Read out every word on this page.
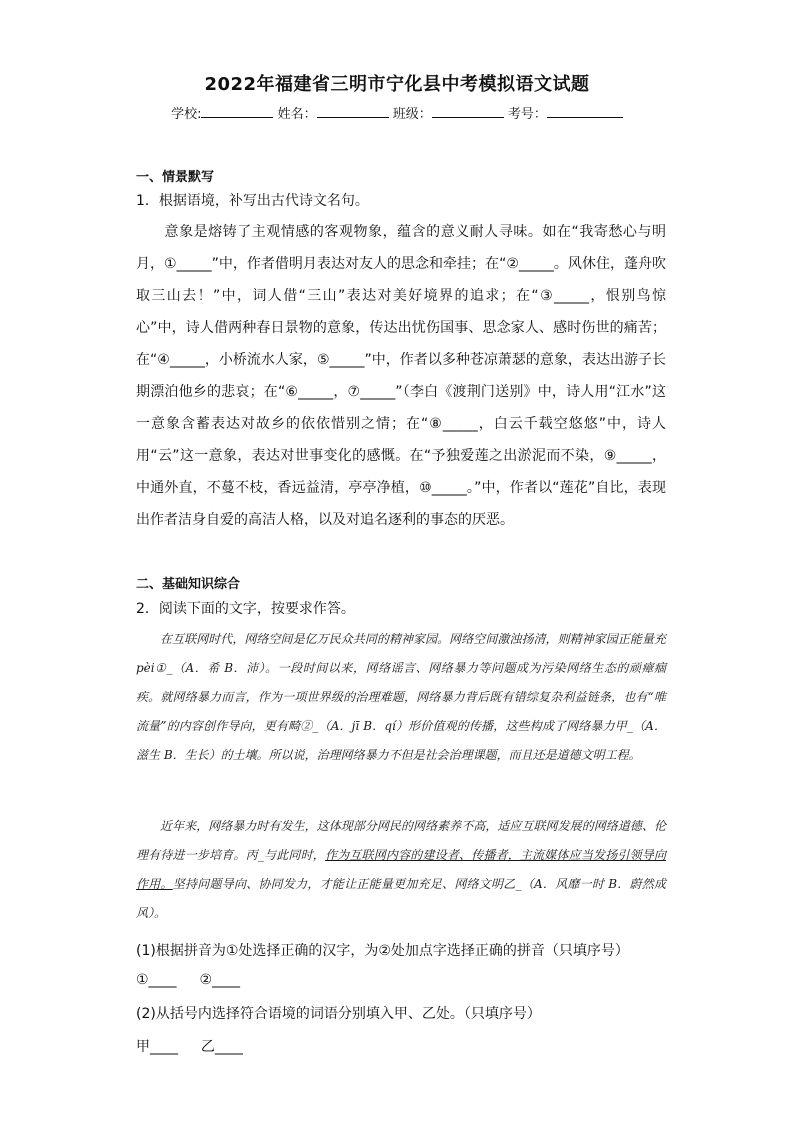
2022年福建省三明市宁化县中考模拟语文试题
学校:	姓名：	班级：	考号：
一、情景默写
1．根据语境，补写出古代诗文名句。
意象是熔铸了主观情感的客观物象，蕴含的意义耐人寻味。如在“我寄愁心与明月，①_____”中，作者借明月表达对友人的思念和牵挂；在“②_____。风休住，蓬舟吹取三山去！”中，词人借“三山”表达对美好境界的追求；在“③_____，恨别鸟惊心”中，诗人借两种春日景物的意象，传达出忧伤国事、思念家人、感时伤世的痛苦；在“④_____，小桥流水人家，⑤_____”中，作者以多种苍凉萧瑟的意象，表达出游子长期漂泊他乡的悲哀；在“⑥_____，⑦_____”（李白《渡荆门送别》中，诗人用“江水”这一意象含蓄表达对故乡的依依惜别之情；在“⑧_____，白云千载空悠悠”中，诗人用“云”这一意象，表达对世事变化的感慨。在“予独爱莲之出淤泥而不染，⑨_____，中通外直，不蔓不枝，香远益清，亭亭净植，⑩_____。”中，作者以“莲花”自比，表现出作者洁身自爱的高洁人格，以及对追名逐利的事态的厌恶。
二、基础知识综合
2．阅读下面的文字，按要求作答。
在互联网时代，网络空间是亿万民众共同的精神家园。网络空间激浊扬清，则精神家园正能量充pèi①_（A．希 B．沛）。一段时间以来，网络谣言、网络暴力等问题成为污染网络生态的顽瘴痼疾。就网络暴力而言，作为一项世界级的治理难题，网络暴力背后既有错综复杂利益链条，也有“唯流量”的内容创作导向，更有畸②_（A．jī B．qí）形价值观的传播，这些构成了网络暴力甲_（A．滋生 B．生长）的土壤。所以说，治理网络暴力不但是社会治理课题，而且还是道德文明工程。
近年来，网络暴力时有发生，这体现部分网民的网络素养不高，适应互联网发展的网络道德、伦理有待进一步培育。丙_与此同时，作为互联网内容的建设者、传播者，主流媒体应当发扬引领导向作用。坚持问题导向、协同发力，才能让正能量更加充足、网络文明乙_（A．风靡一时 B．蔚然成风）。
(1)根据拼音为①处选择正确的汉字，为②处加点字选择正确的拼音（只填序号）
①____ ②____
(2)从括号内选择符合语境的词语分别填入甲、乙处。（只填序号）
甲____ 乙____
